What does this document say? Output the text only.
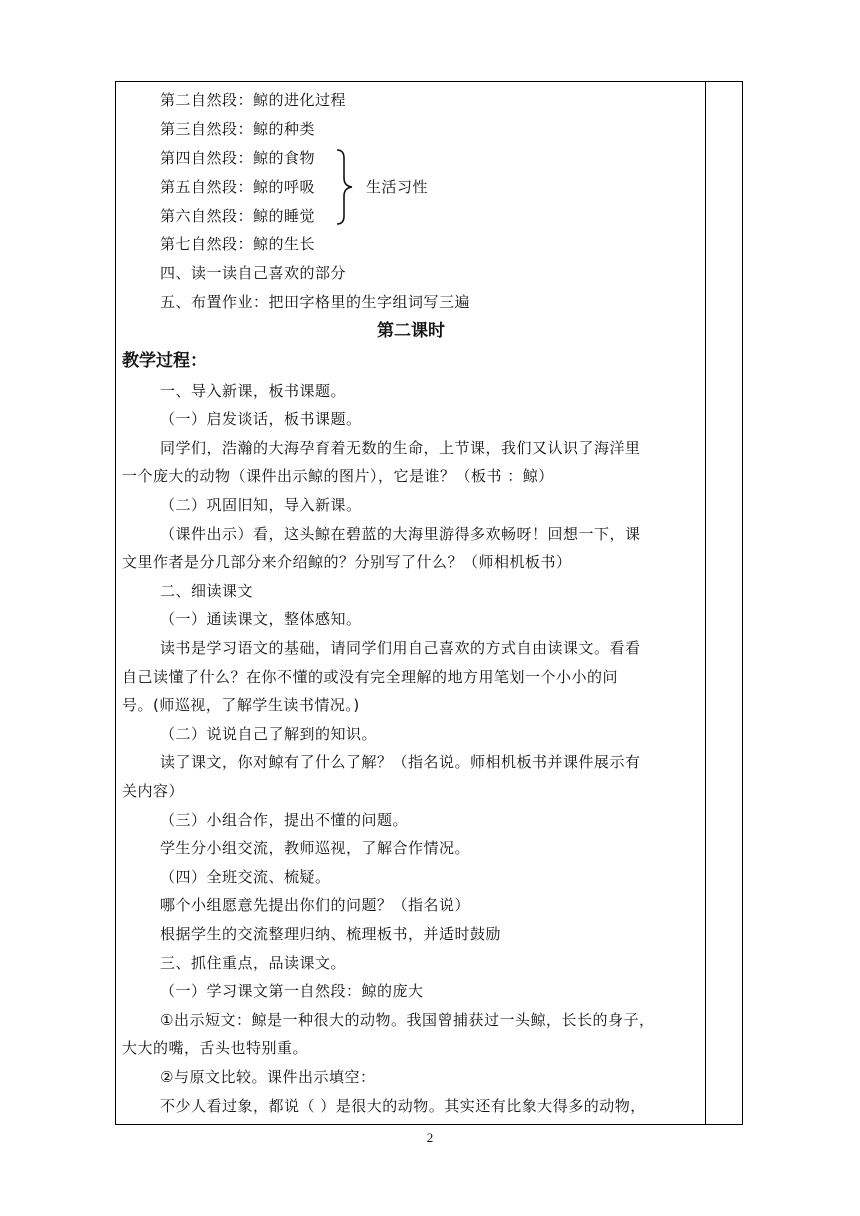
第二自然段：鲸的进化过程
第三自然段：鲸的种类
第四自然段：鲸的食物
第五自然段：鲸的呼吸
第六自然段：鲸的睡觉
第七自然段：鲸的生长
四、读一读自己喜欢的部分
五、布置作业：把田字格里的生字组词写三遍
生活习性
第二课时
教学过程：
一、导入新课，板书课题。
（一）启发谈话，板书课题。
同学们，浩瀚的大海孕育着无数的生命，上节课，我们又认识了海洋里
一个庞大的动物（课件出示鲸的图片），它是谁？（板书 ：鲸）
（二）巩固旧知，导入新课。
（课件出示）看，这头鲸在碧蓝的大海里游得多欢畅呀！回想一下，课
文里作者是分几部分来介绍鲸的？分别写了什么？（师相机板书）
二、细读课文
（一）通读课文，整体感知。
读书是学习语文的基础，请同学们用自己喜欢的方式自由读课文。看看
自己读懂了什么？在你不懂的或没有完全理解的地方用笔划一个小小的问
号。(师巡视，了解学生读书情况。)
（二）说说自己了解到的知识。
读了课文，你对鲸有了什么了解？（指名说。师相机板书并课件展示有
关内容）
（三）小组合作，提出不懂的问题。
学生分小组交流，教师巡视，了解合作情况。
（四）全班交流、梳疑。
哪个小组愿意先提出你们的问题？（指名说）
根据学生的交流整理归纳、梳理板书，并适时鼓励
三、抓住重点，品读课文。
（一）学习课文第一自然段：鲸的庞大
①出示短文：鲸是一种很大的动物。我国曾捕获过一头鲸，长长的身子，
大大的嘴，舌头也特别重。
②与原文比较。课件出示填空：
不少人看过象，都说（ ）是很大的动物。其实还有比象大得多的动物，
2
